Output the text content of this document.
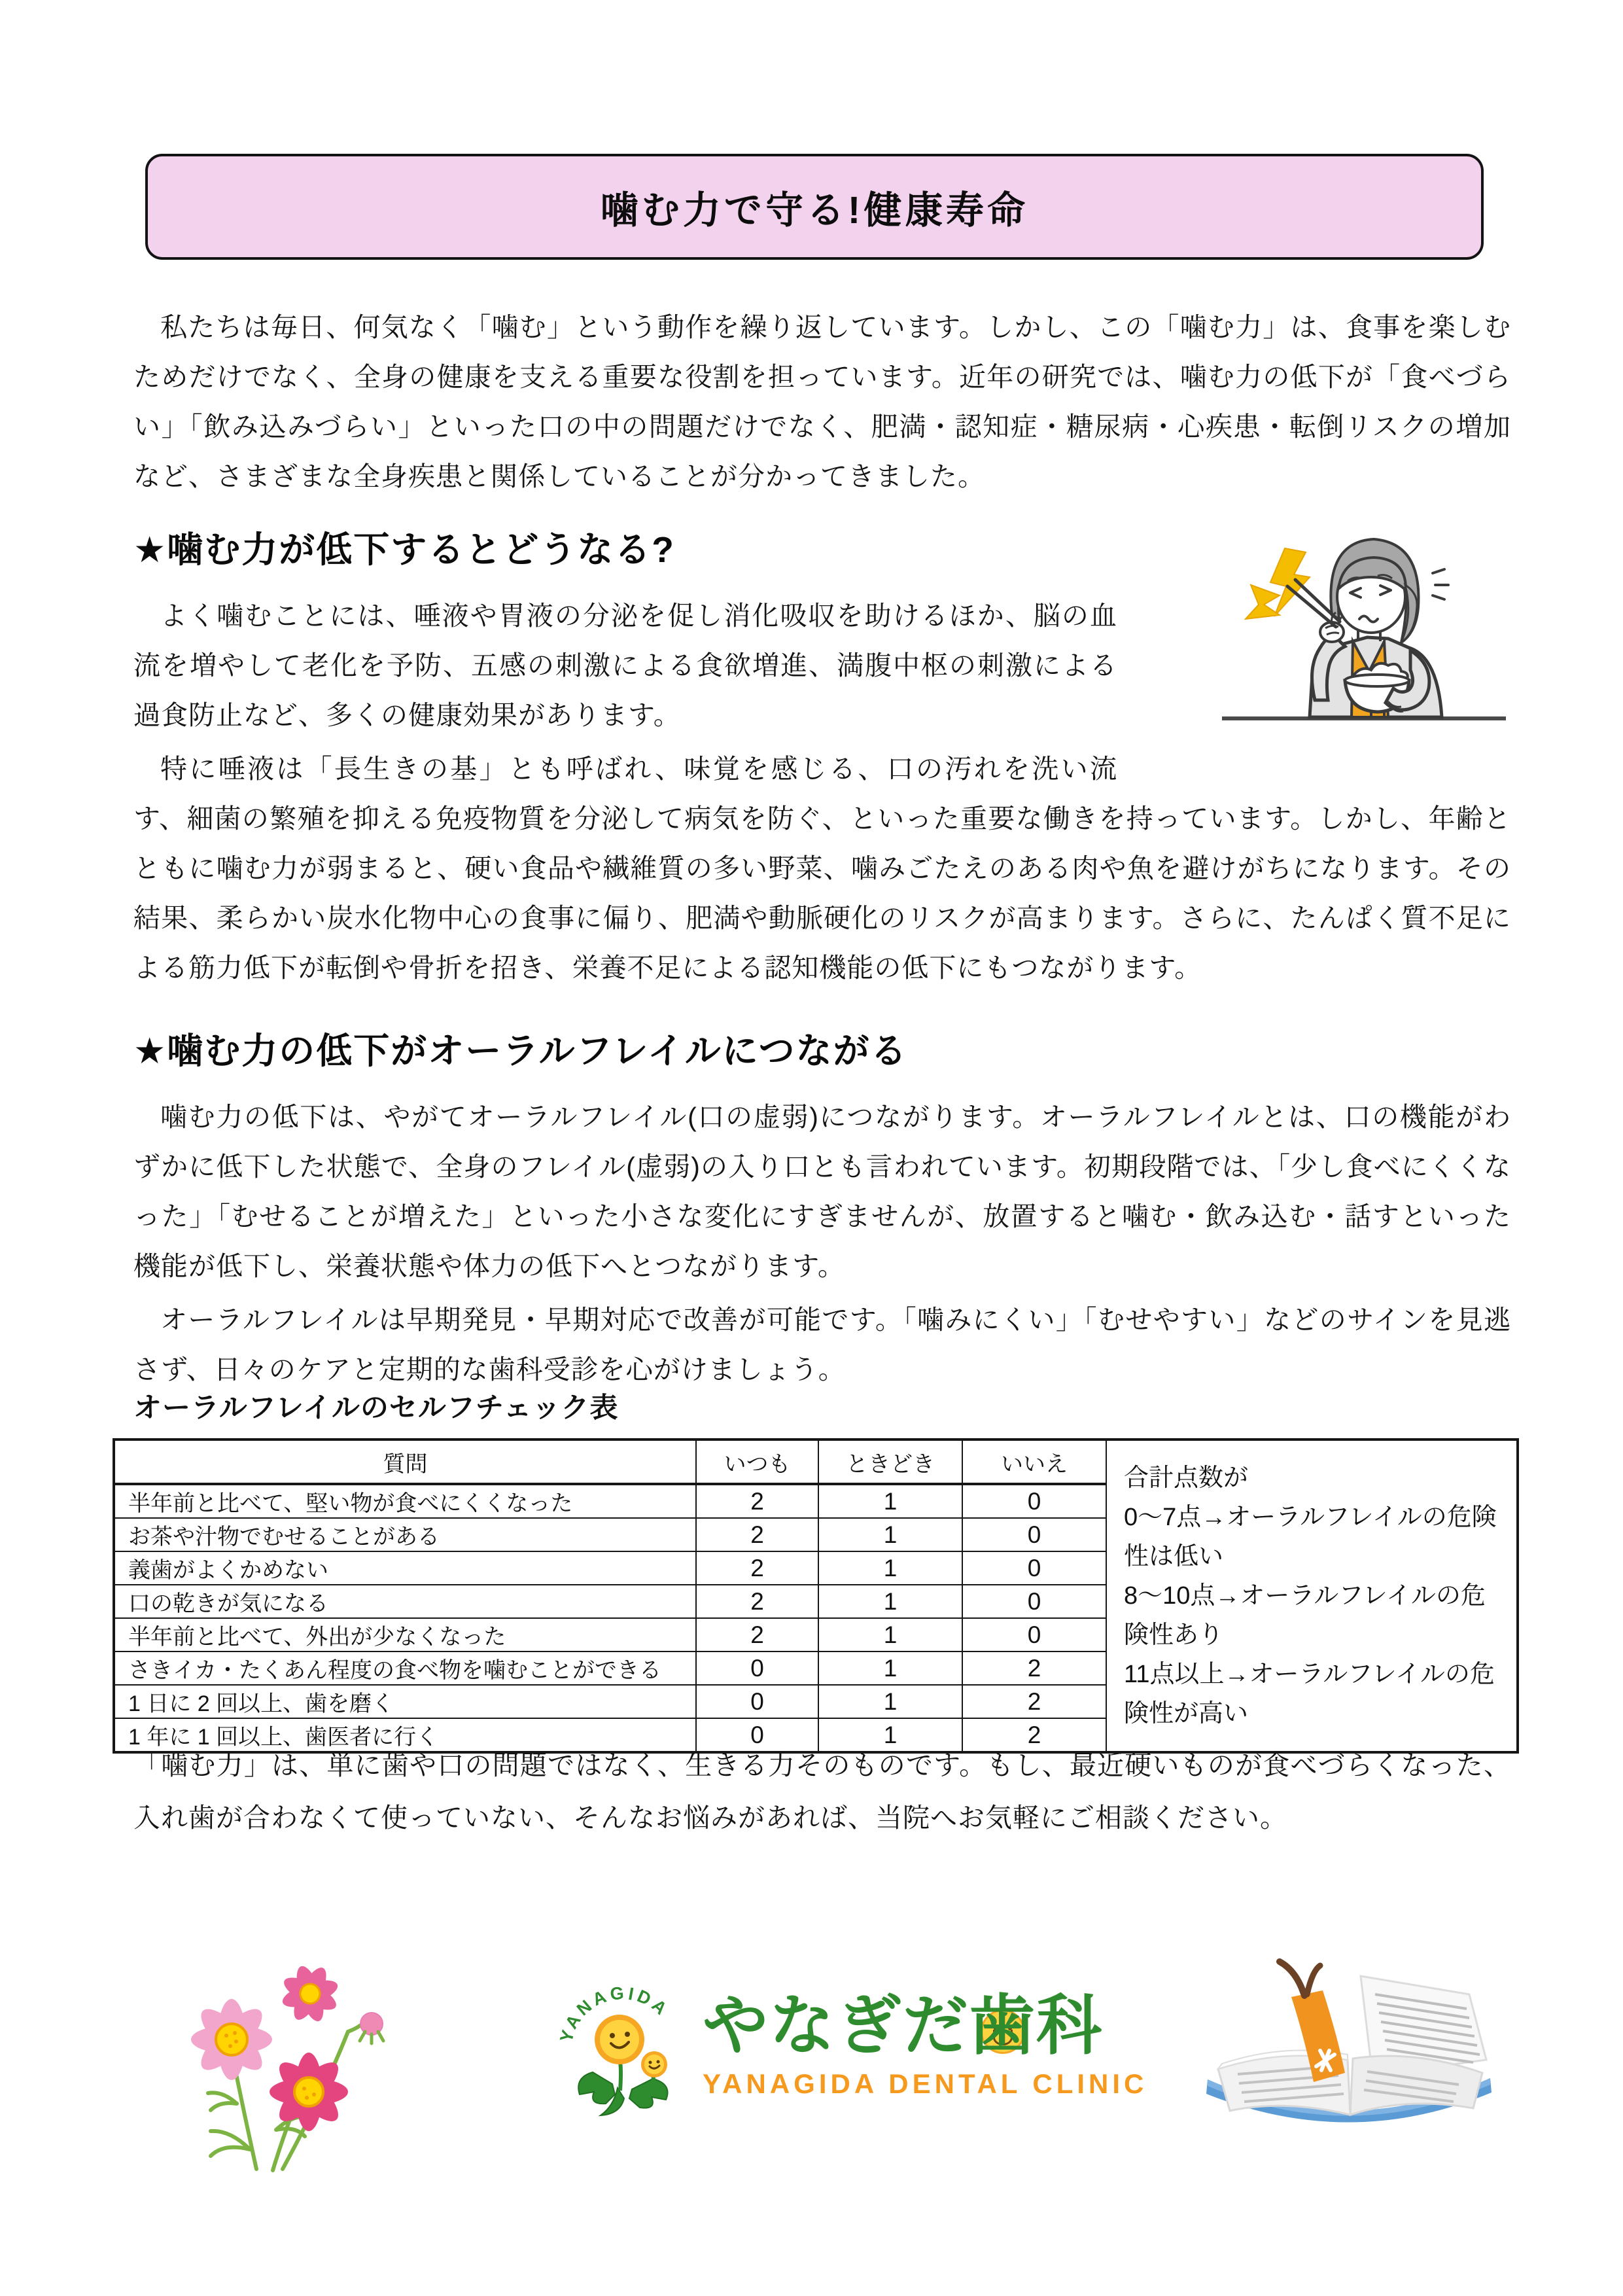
噛む力で守る!健康寿命

私たちは毎日、何気なく「噛む」という動作を繰り返しています。しかし、この「噛む力」は、食事を楽しむためだけでなく、全身の健康を支える重要な役割を担っています。近年の研究では、噛む力の低下が「食べづらい」「飲み込みづらい」といった口の中の問題だけでなく、肥満・認知症・糖尿病・心疾患・転倒リスクの増加など、さまざまな全身疾患と関係していることが分かってきました。

★噛む力が低下するとどうなる?

よく噛むことには、唾液や胃液の分泌を促し消化吸収を助けるほか、脳の血流を増やして老化を予防、五感の刺激による食欲増進、満腹中枢の刺激による過食防止など、多くの健康効果があります。

特に唾液は「長生きの基」とも呼ばれ、味覚を感じる、口の汚れを洗い流す、細菌の繁殖を抑える免疫物質を分泌して病気を防ぐ、といった重要な働きを持っています。しかし、年齢とともに噛む力が弱まると、硬い食品や繊維質の多い野菜、噛みごたえのある肉や魚を避けがちになります。その結果、柔らかい炭水化物中心の食事に偏り、肥満や動脈硬化のリスクが高まります。さらに、たんぱく質不足による筋力低下が転倒や骨折を招き、栄養不足による認知機能の低下にもつながります。

★噛む力の低下がオーラルフレイルにつながる

噛む力の低下は、やがてオーラルフレイル(口の虚弱)につながります。オーラルフレイルとは、口の機能がわずかに低下した状態で、全身のフレイル(虚弱)の入り口とも言われています。初期段階では、「少し食べにくくなった」「むせることが増えた」といった小さな変化にすぎませんが、放置すると噛む・飲み込む・話すといった機能が低下し、栄養状態や体力の低下へとつながります。

オーラルフレイルは早期発見・早期対応で改善が可能です。「噛みにくい」「むせやすい」などのサインを見逃さず、日々のケアと定期的な歯科受診を心がけましょう。

オーラルフレイルのセルフチェック表

質問	いつも	ときどき	いいえ	合計点数が
0〜7点→オーラルフレイルの危険性は低い
8〜10点→オーラルフレイルの危険性あり
11点以上→オーラルフレイルの危険性が高い

半年前と比べて、堅い物が食べにくくなった	2	1	0	
お茶や汁物でむせることがある	2	1	0	
義歯がよくかめない	2	1	0	
口の乾きが気になる	2	1	0	
半年前と比べて、外出が少なくなった	2	1	0	
さきイカ・たくあん程度の食べ物を噛むことができる	0	1	2	
1 日に 2 回以上、歯を磨く	0	1	2	
1 年に 1 回以上、歯医者に行く	0	1	2	

「噛む力」は、単に歯や口の問題ではなく、生きる力そのものです。もし、最近硬いものが食べづらくなった、入れ歯が合わなくて使っていない、そんなお悩みがあれば、当院へお気軽にご相談ください。

YANAGIDA やなぎだ
歯科
YANAGIDA DENTAL CLINIC
